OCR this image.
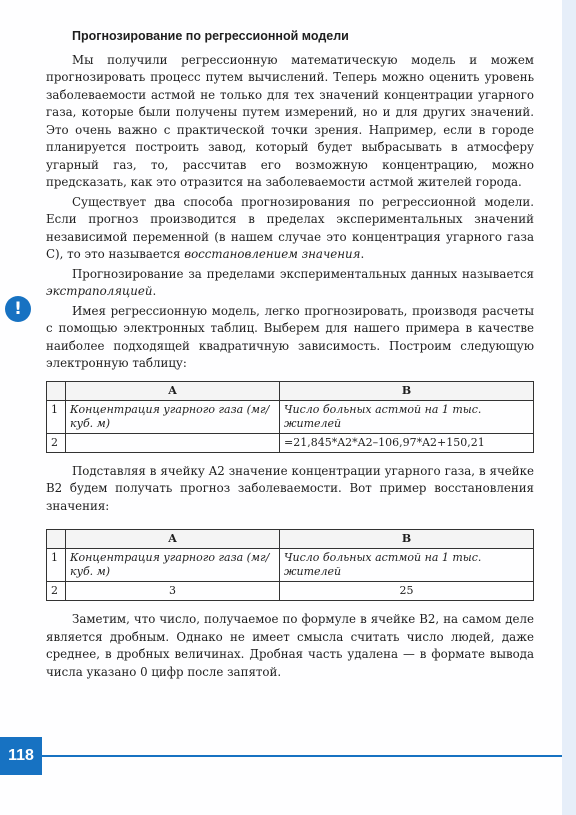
!
Прогнозирование по регрессионной модели

Мы получили регрессионную математическую модель и можем прогнозировать процесс путем вычислений. Теперь можно оценить уровень заболеваемости астмой не только для тех значений концентрации угарного газа, которые были получены путем измерений, но и для других значений. Это очень важно с практической точки зрения. Например, если в городе планируется построить завод, который будет выбрасывать в атмосферу угарный газ, то, рассчитав его возможную концентрацию, можно предсказать, как это отразится на заболеваемости астмой жителей города.

Существует два способа прогнозирования по регрессионной модели. Если прогноз производится в пределах экспериментальных значений независимой переменной (в нашем случае это концентрация угарного газа C), то это называется восстановлением значения.

Прогнозирование за пределами экспериментальных данных называется экстраполяцией.

Имея регрессионную модель, легко прогнозировать, производя расчеты с помощью электронных таблиц. Выберем для нашего примера в качестве наиболее подходящей квадратичную зависимость. Построим следующую электронную таблицу:

	A	B
1	Концентрация угарного газа (мг/куб. м)	Число больных астмой на 1 тыс. жителей
2		=21,845*A2*A2–106,97*A2+150,21

Подставляя в ячейку A2 значение концентрации угарного газа, в ячейке B2 будем получать прогноз заболеваемости. Вот пример восстановления значения:

	A	B
1	Концентрация угарного газа (мг/куб. м)	Число больных астмой на 1 тыс. жителей
2	3	25

Заметим, что число, получаемое по формуле в ячейке B2, на самом деле является дробным. Однако не имеет смысла считать число людей, даже среднее, в дробных величинах. Дробная часть удалена — в формате вывода числа указано 0 цифр после запятой.

118
